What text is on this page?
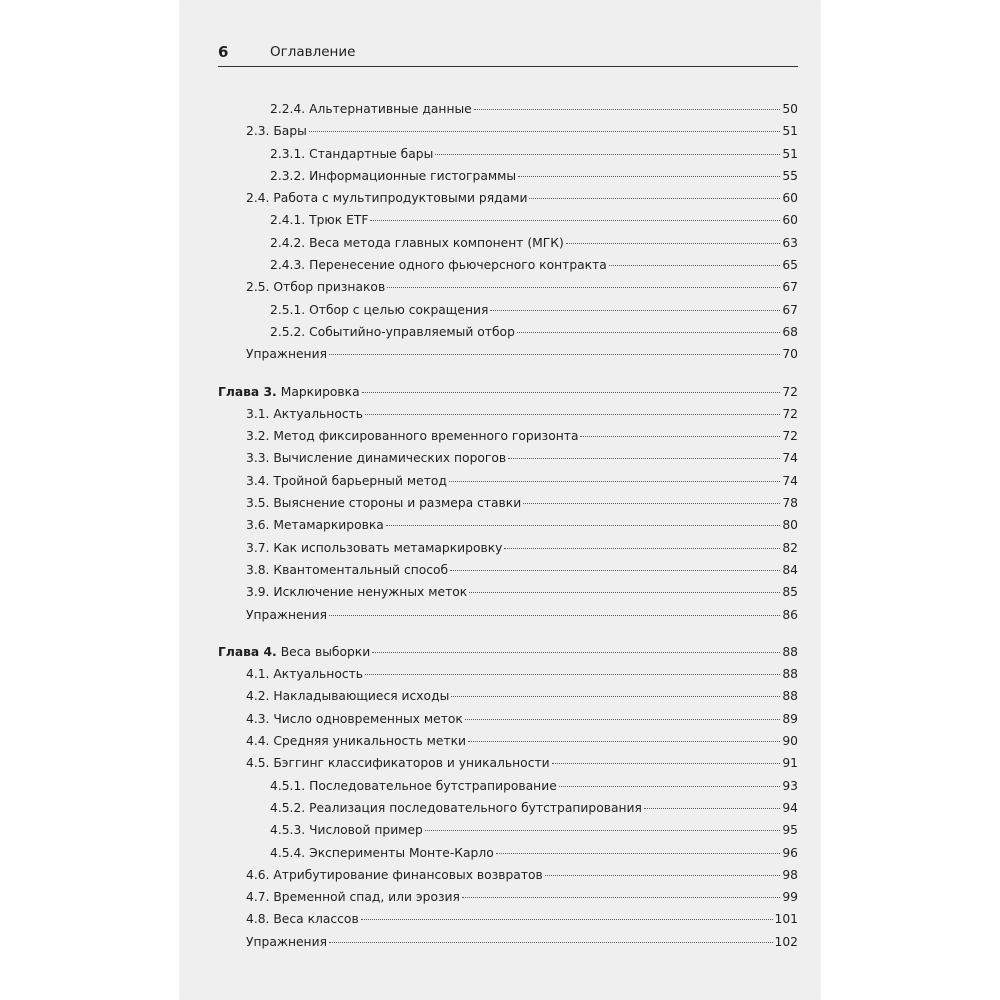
6	Оглавление
2.2.4. Альтернативные данные	50
2.3. Бары	51
2.3.1. Стандартные бары	51
2.3.2. Информационные гистограммы	55
2.4. Работа с мультипродуктовыми рядами	60
2.4.1. Трюк ETF	60
2.4.2. Веса метода главных компонент (МГК)	63
2.4.3. Перенесение одного фьючерсного контракта	65
2.5. Отбор признаков	67
2.5.1. Отбор с целью сокращения	67
2.5.2. Событийно-управляемый отбор	68
Упражнения	70
Глава 3. Маркировка	72
3.1. Актуальность	72
3.2. Метод фиксированного временного горизонта	72
3.3. Вычисление динамических порогов	74
3.4. Тройной барьерный метод	74
3.5. Выяснение стороны и размера ставки	78
3.6. Метамаркировка	80
3.7. Как использовать метамаркировку	82
3.8. Квантоментальный способ	84
3.9. Исключение ненужных меток	85
Упражнения	86
Глава 4. Веса выборки	88
4.1. Актуальность	88
4.2. Накладывающиеся исходы	88
4.3. Число одновременных меток	89
4.4. Средняя уникальность метки	90
4.5. Бэггинг классификаторов и уникальности	91
4.5.1. Последовательное бутстрапирование	93
4.5.2. Реализация последовательного бутстрапирования	94
4.5.3. Числовой пример	95
4.5.4. Эксперименты Монте-Карло	96
4.6. Атрибутирование финансовых возвратов	98
4.7. Временной спад, или эрозия	99
4.8. Веса классов	101
Упражнения	102
